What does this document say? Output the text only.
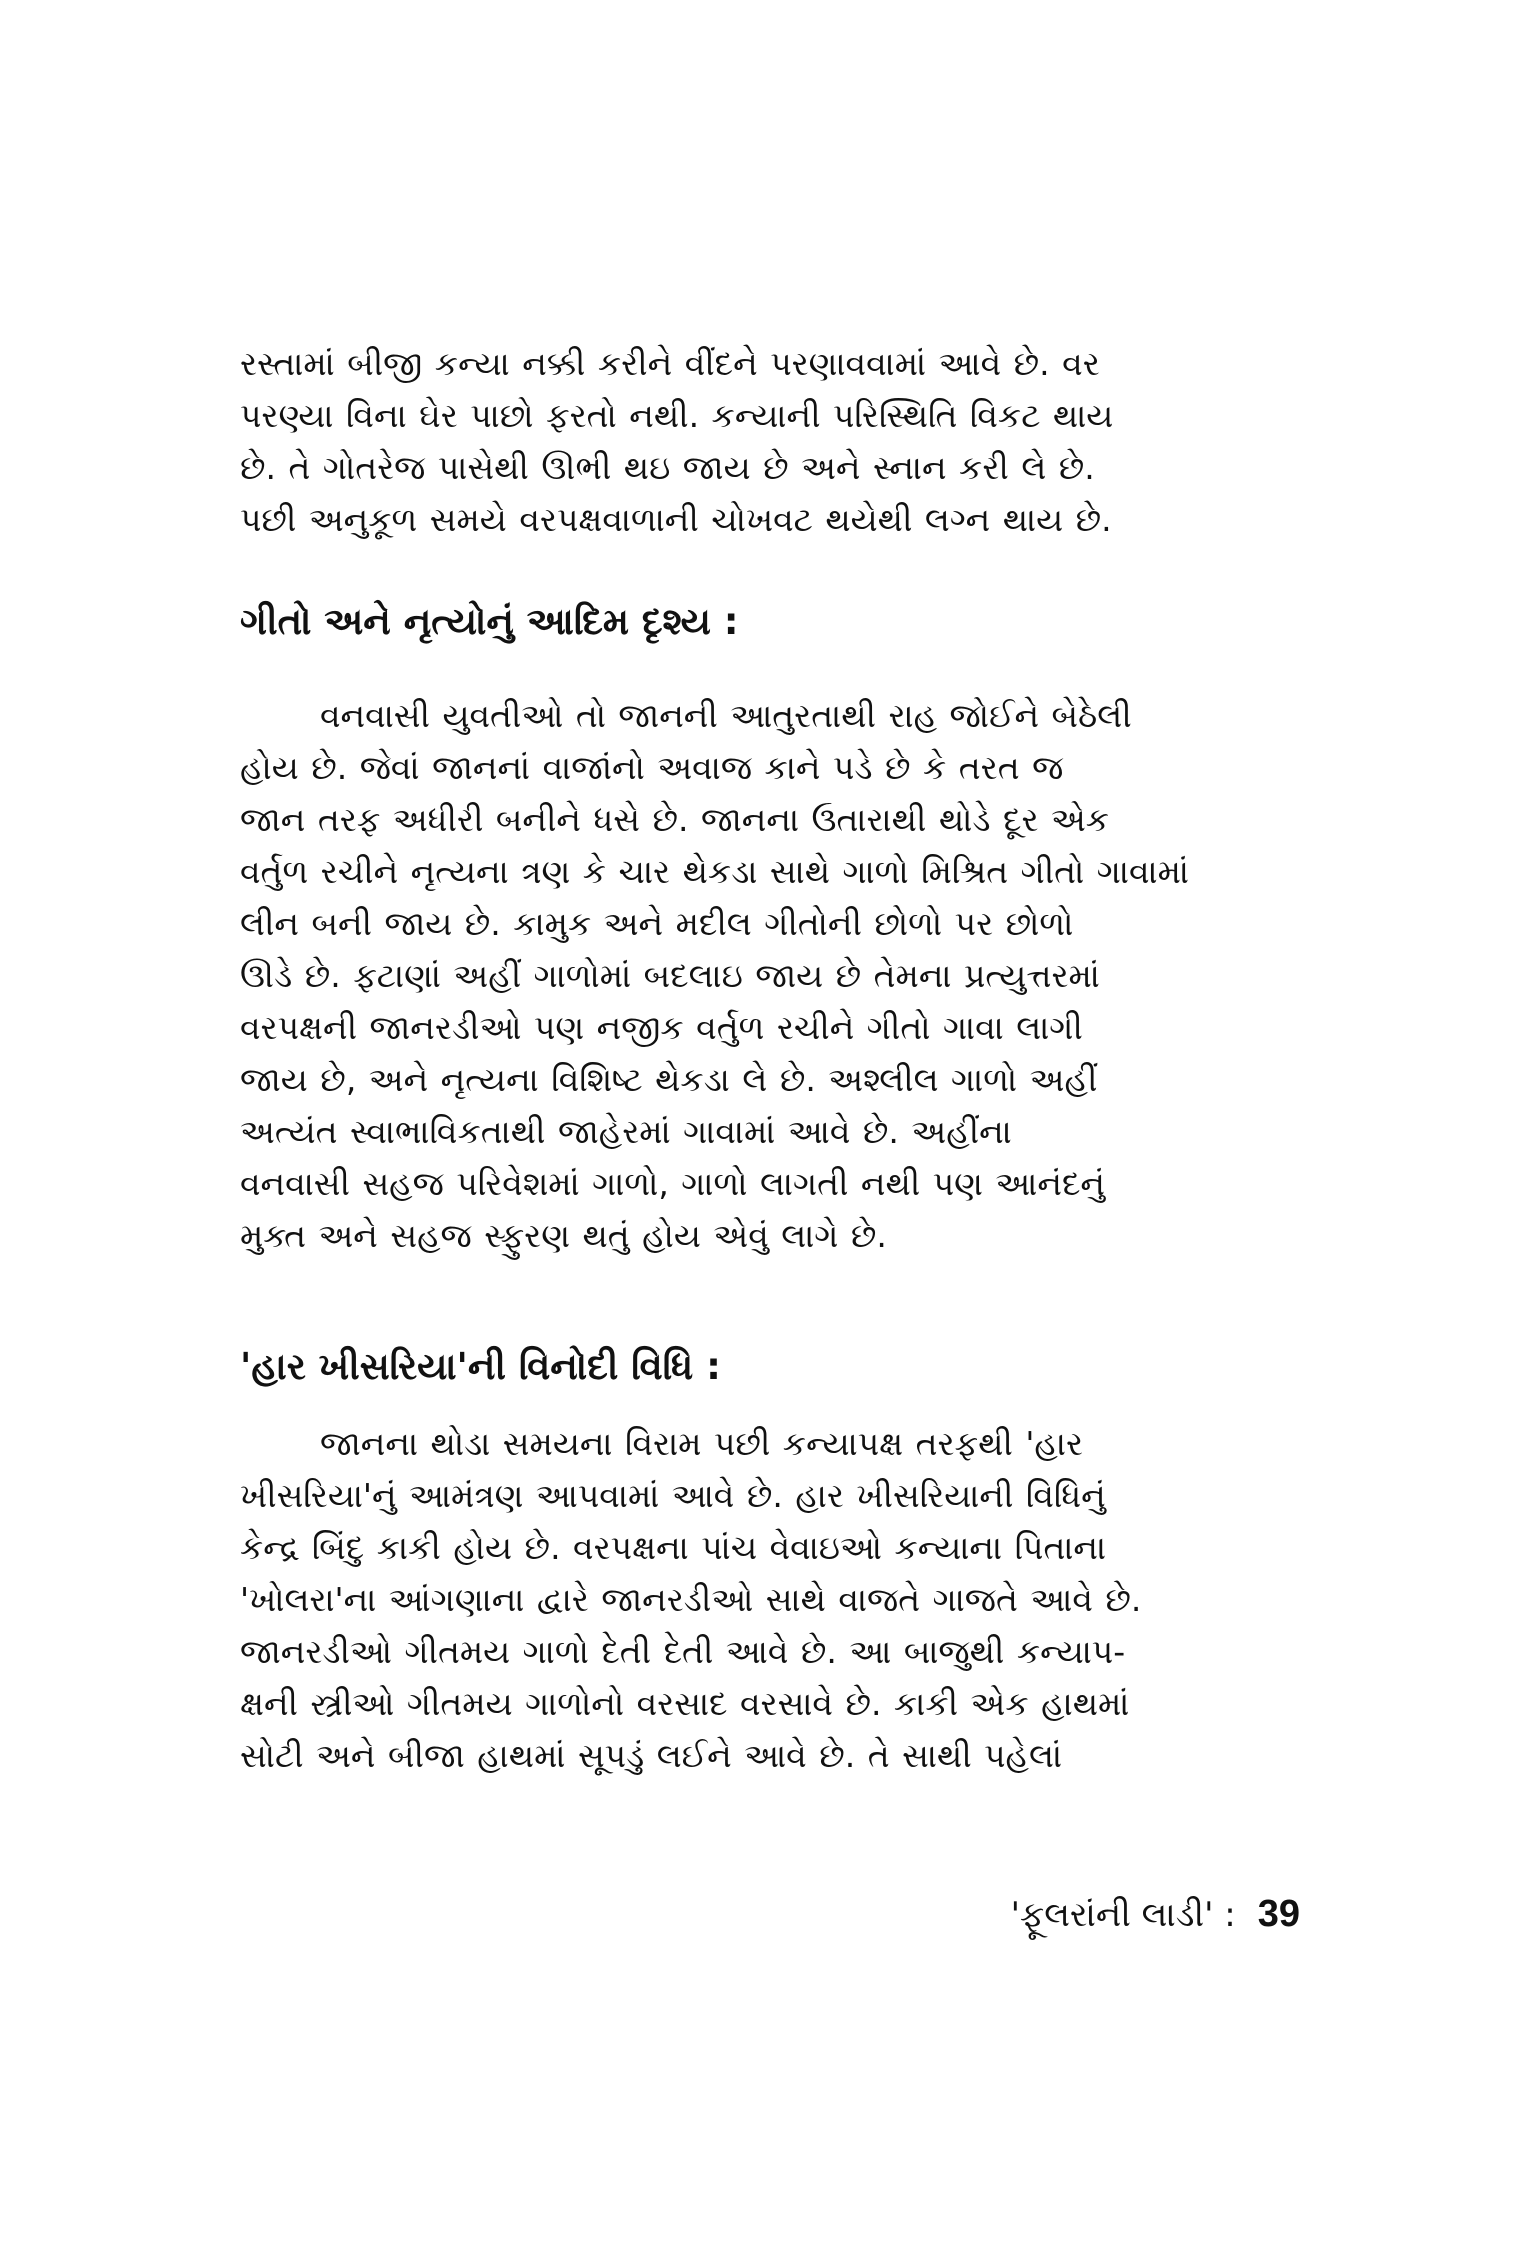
રસ્તામાં બીજી કન્યા નક્કી કરીને વીંદને પરણાવવામાં આવે છે. વર
પરણ્યા વિના ઘેર પાછો ફરતો નથી. કન્યાની પરિસ્થિતિ વિકટ થાય
છે. તે ગોતરેજ પાસેથી ઊભી થઇ જાય છે અને સ્નાન કરી લે છે.
પછી અનુકૂળ સમયે વરપક્ષવાળાની ચોખવટ થયેથી લગ્ન થાય છે.
ગીતો અને નૃત્યોનું આદિમ દૃશ્ય :
વનવાસી યુવતીઓ તો જાનની આતુરતાથી રાહ જોઈને બેઠેલી
હોય છે. જેવાં જાનનાં વાજાંનો અવાજ કાને પડે છે કે તરત જ
જાન તરફ અધીરી બનીને ધસે છે. જાનના ઉતારાથી થોડે દૂર એક
વર્તુળ રચીને નૃત્યના ત્રણ કે ચાર થેકડા સાથે ગાળો મિશ્રિત ગીતો ગાવામાં
લીન બની જાય છે. કામુક અને મદીલ ગીતોની છોળો પર છોળો
ઊડે છે. ફટાણાં અહીં ગાળોમાં બદલાઇ જાય છે તેમના પ્રત્યુત્તરમાં
વરપક્ષની જાનરડીઓ પણ નજીક વર્તુળ રચીને ગીતો ગાવા લાગી
જાય છે, અને નૃત્યના વિશિષ્ટ થેકડા લે છે. અશ્લીલ ગાળો અહીં
અત્યંત સ્વાભાવિકતાથી જાહેરમાં ગાવામાં આવે છે. અહીંના
વનવાસી સહજ પરિવેશમાં ગાળો, ગાળો લાગતી નથી પણ આનંદનું
મુક્ત અને સહજ સ્ફુરણ થતું હોય એવું લાગે છે.
'હાર ખીસરિયા'ની વિનોદી વિધિ :
જાનના થોડા સમયના વિરામ પછી કન્યાપક્ષ તરફથી 'હાર
ખીસરિયા'નું આમંત્રણ આપવામાં આવે છે. હાર ખીસરિયાની વિધિનું
કેન્દ્ર બિંદુ કાકી હોય છે. વરપક્ષના પાંચ વેવાઇઓ કન્યાના પિતાના
'ખોલરા'ના આંગણાના દ્વારે જાનરડીઓ સાથે વાજતે ગાજતે આવે છે.
જાનરડીઓ ગીતમય ગાળો દેતી દેતી આવે છે. આ બાજુથી કન્યાપ-
ક્ષની સ્ત્રીઓ ગીતમય ગાળોનો વરસાદ વરસાવે છે. કાકી એક હાથમાં
સોટી અને બીજા હાથમાં સૂપડું લઈને આવે છે. તે સાથી પહેલાં
'ફૂલરાંની લાડી' : 39
